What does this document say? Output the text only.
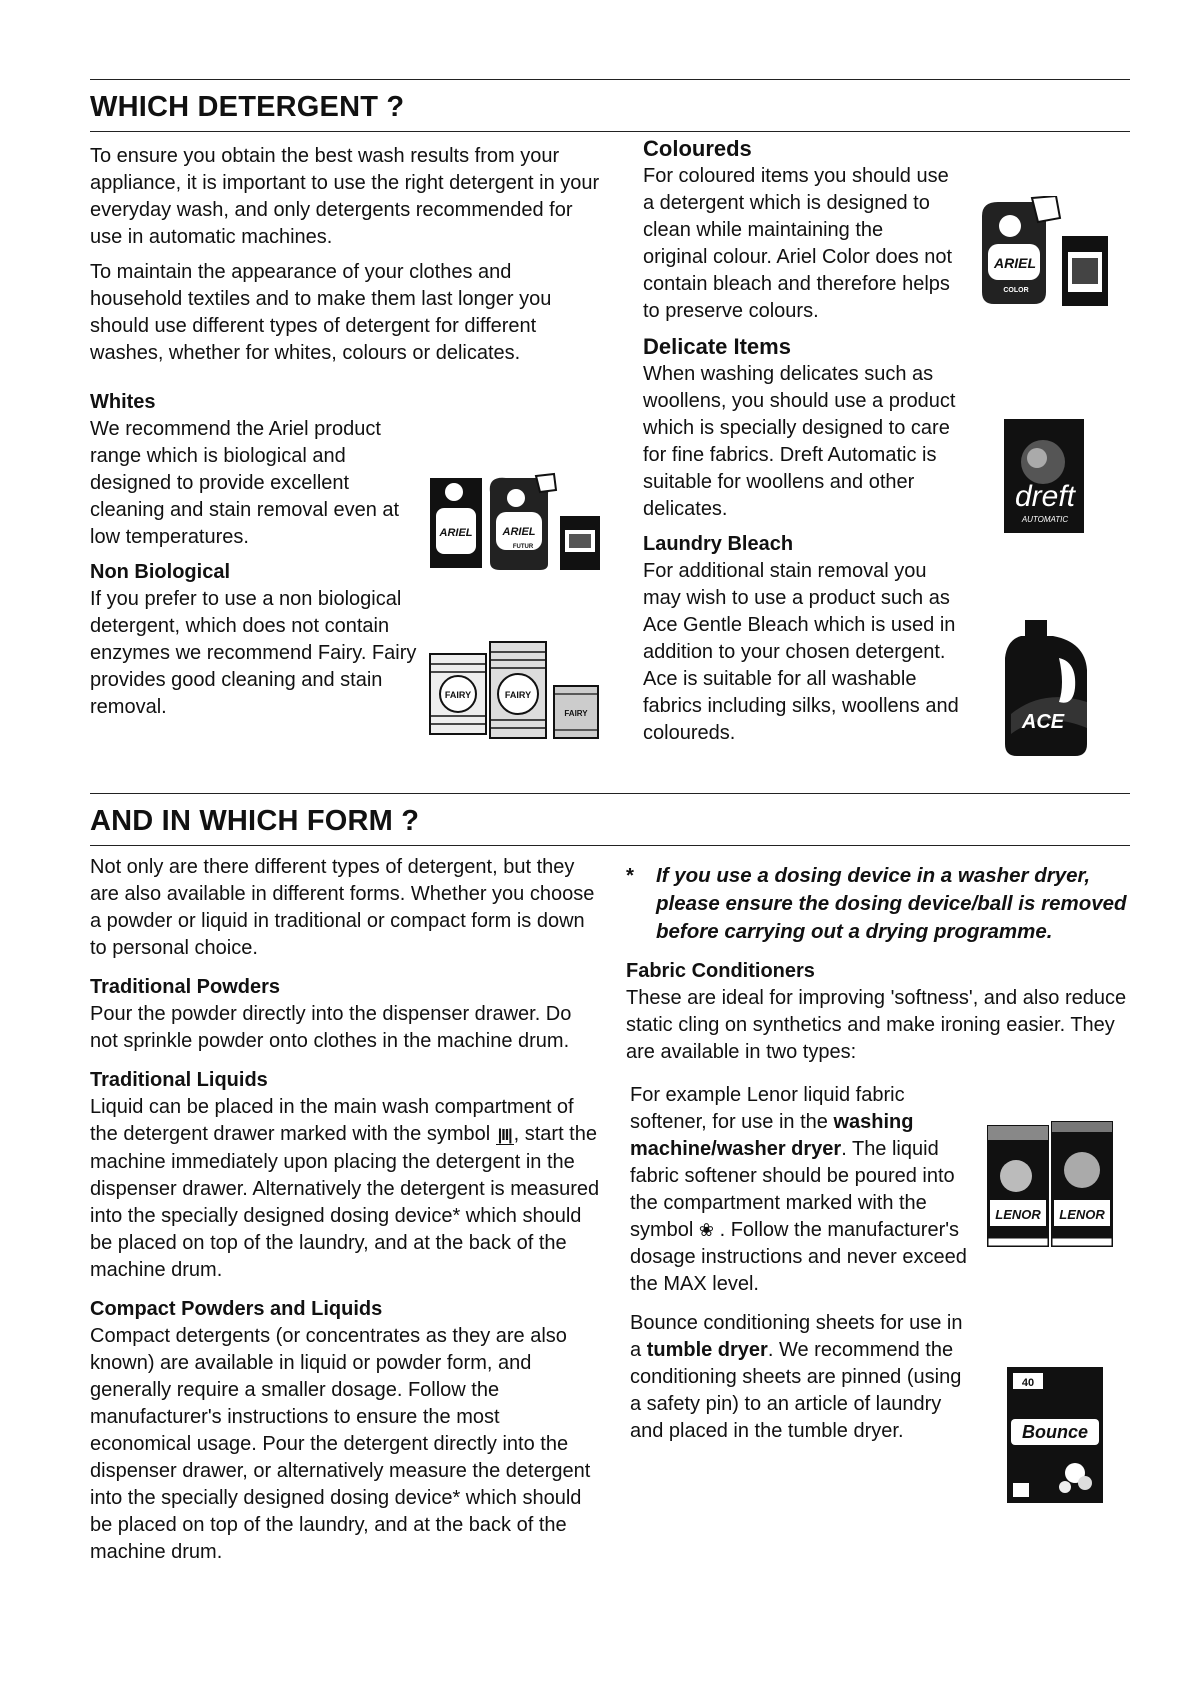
WHICH DETERGENT ?

To ensure you obtain the best wash results from your appliance, it is important to use the right detergent in your everyday wash, and only detergents recommended for use in automatic machines.

To maintain the appearance of your clothes and household textiles and to make them last longer you should use different types of detergent for different washes, whether for whites, colours or delicates.

Whites

We recommend the Ariel product range which is biological and designed to provide excellent cleaning and stain removal even at low temperatures.

Non Biological

If you prefer to use a non biological detergent, which does not contain enzymes we recommend Fairy. Fairy provides good cleaning and stain removal.

ARIEL	ARIEL
FUTUR
FAIRY	FAIRY
FAIRY
Coloureds

For coloured items you should use a detergent which is designed to clean while maintaining the original colour. Ariel Color does not contain bleach and therefore helps to preserve colours.

Delicate Items

When washing delicates such as woollens, you should use a product which is specially designed to care for fine fabrics. Dreft Automatic is suitable for woollens and other delicates.

Laundry Bleach

For additional stain removal you may wish to use a product such as Ace Gentle Bleach which is used in addition to your chosen detergent. Ace is suitable for all washable fabrics including silks, woollens and coloureds.

ARIEL
COLOR
dreft
AUTOMATIC
ACE
AND IN WHICH FORM ?

Not only are there different types of detergent, but they are also available in different forms. Whether you choose a powder or liquid in traditional or compact form is down to personal choice.

Traditional Powders

Pour the powder directly into the dispenser drawer. Do not sprinkle powder onto clothes in the machine drum.

Traditional Liquids

Liquid can be placed in the main wash compartment of the detergent drawer marked with the symbol |II| , start the machine immediately upon placing the detergent in the dispenser drawer. Alternatively the detergent is measured into the specially designed dosing device* which should be placed on top of the laundry, and at the back of the machine drum.

Compact Powders and Liquids

Compact detergents (or concentrates as they are also known) are available in liquid or powder form, and generally require a smaller dosage. Follow the manufacturer's instructions to ensure the most economical usage. Pour the detergent directly into the dispenser drawer, or alternatively measure the detergent into the specially designed dosing device* which should be placed on top of the laundry, and at the back of the machine drum.

* If you use a dosing device in a washer dryer, please ensure the dosing device/ball is removed before carrying out a drying programme.
Fabric Conditioners

These are ideal for improving 'softness', and also reduce static cling on synthetics and make ironing easier. They are available in two types:

For example Lenor liquid fabric softener, for use in the washing machine/washer dryer. The liquid fabric softener should be poured into the compartment marked with the symbol ❀ . Follow the manufacturer's dosage instructions and never exceed the MAX level.

Bounce conditioning sheets for use in a tumble dryer. We recommend the conditioning sheets are pinned (using a safety pin) to an article of laundry and placed in the tumble dryer.

LENOR LENOR
40
Bounce
